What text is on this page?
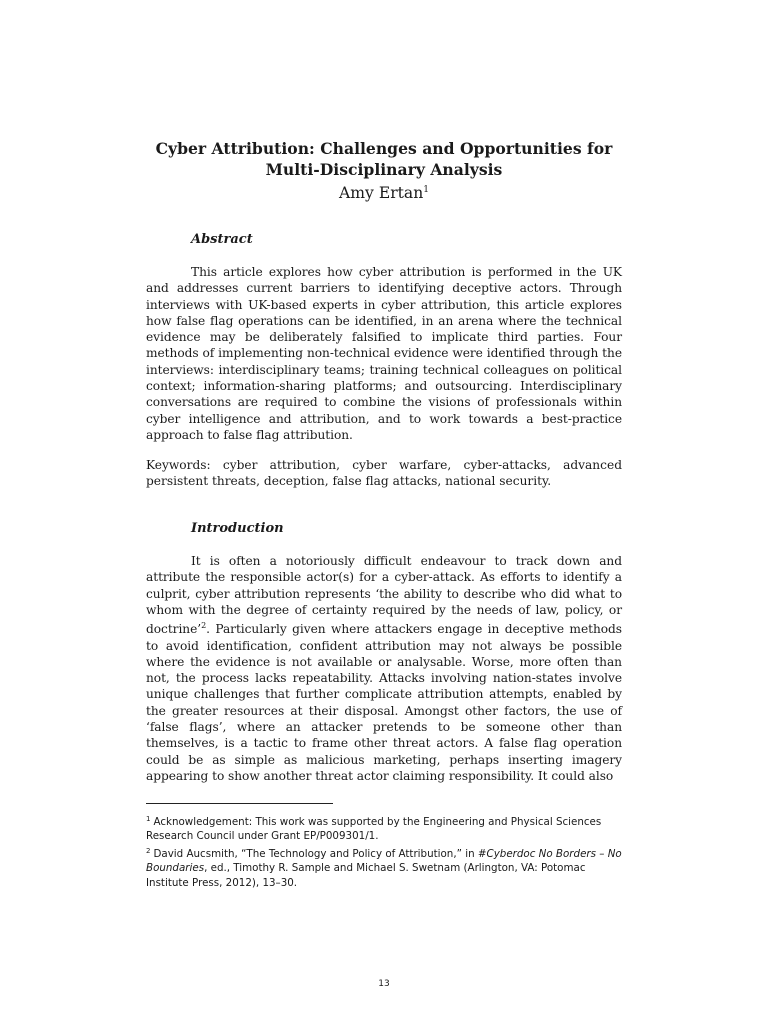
Cyber Attribution: Challenges and Opportunities for
Multi-Disciplinary Analysis
Amy Ertan$^1$
Abstract

This article explores how cyber attribution is performed in the UK and addresses current barriers to identifying deceptive actors. Through interviews with UK-based experts in cyber attribution, this article explores how false flag operations can be identified, in an arena where the technical evidence may be deliberately falsified to implicate third parties. Four methods of implementing non-technical evidence were identified through the interviews: interdisciplinary teams; training technical colleagues on political context; information-sharing platforms; and outsourcing. Interdisciplinary conversations are required to combine the visions of professionals within cyber intelligence and attribution, and to work towards a best-practice approach to false flag attribution.

Keywords: cyber attribution, cyber warfare, cyber-attacks, advanced persistent threats, deception, false flag attacks, national security.

Introduction

It is often a notoriously difficult endeavour to track down and attribute the responsible actor(s) for a cyber-attack. As efforts to identify a culprit, cyber attribution represents ‘the ability to describe who did what to whom with the degree of certainty required by the needs of law, policy, or doctrine’$^2$. Particularly given where attackers engage in deceptive methods to avoid identification, confident attribution may not always be possible where the evidence is not available or analysable. Worse, more often than not, the process lacks repeatability. Attacks involving nation-states involve unique challenges that further complicate attribution attempts, enabled by the greater resources at their disposal. Amongst other factors, the use of ‘false flags’, where an attacker pretends to be someone other than themselves, is a tactic to frame other threat actors. A false flag operation could be as simple as malicious marketing, perhaps inserting imagery appearing to show another threat actor claiming responsibility. It could also

$^1$ Acknowledgement: This work was supported by the Engineering and Physical Sciences Research Council under Grant EP/P009301/1.

$^2$ David Aucsmith, “The Technology and Policy of Attribution,” in #Cyberdoc No Borders – No Boundaries, ed., Timothy R. Sample and Michael S. Swetnam (Arlington, VA: Potomac Institute Press, 2012), 13–30.

13
